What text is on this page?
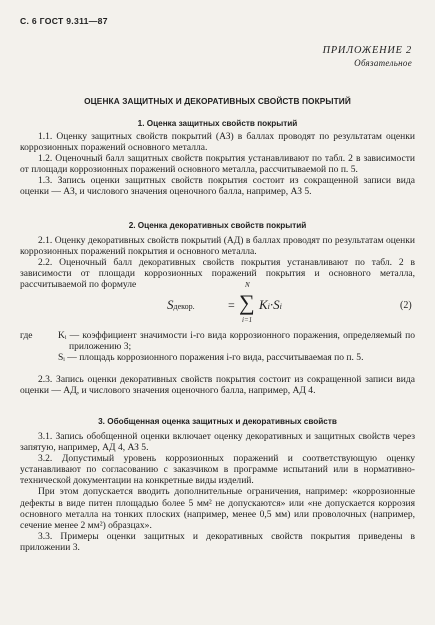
С. 6 ГОСТ 9.311—87
ПРИЛОЖЕНИЕ 2
Обязательное
ОЦЕНКА ЗАЩИТНЫХ И ДЕКОРАТИВНЫХ СВОЙСТВ ПОКРЫТИЙ
1. Оценка защитных свойств покрытий
1.1. Оценку защитных свойств покрытий (АЗ) в баллах проводят по результатам оценки коррозионных поражений основного металла.
1.2. Оценочный балл защитных свойств покрытия устанавливают по табл. 2 в зависимости от площади коррозионных поражений основного металла, рассчитываемой по п. 5.
1.3. Запись оценки защитных свойств покрытия состоит из сокращенной записи вида оценки — АЗ, и числового значения оценочного балла, например, АЗ 5.
2. Оценка декоративных свойств покрытий
2.1. Оценку декоративных свойств покрытий (АД) в баллах проводят по результатам оценки коррозионных поражений покрытия и основного металла.
2.2. Оценочный балл декоративных свойств покрытия устанавливают по табл. 2 в зависимости от площади коррозионных поражений покрытия и основного металла, рассчитываемой по формуле
Sдекор.	=
N
∑
i=1
Ki·Si	(2)
где	Kᵢ — коэффициент значимости i-го вида коррозионного поражения, определяемый по приложению 3;
Sᵢ — площадь коррозионного поражения i-го вида, рассчитываемая по п. 5.
2.3. Запись оценки декоративных свойств покрытия состоит из сокращенной записи вида оценки — АД, и числового значения оценочного балла, например, АД 4.
3. Обобщенная оценка защитных и декоративных свойств
3.1. Запись обобщенной оценки включает оценку декоративных и защитных свойств через запятую, например, АД 4, АЗ 5.
3.2. Допустимый уровень коррозионных поражений и соответствующую оценку устанавливают по согласованию с заказчиком в программе испытаний или в нормативно-технической документации на конкретные виды изделий.
При этом допускается вводить дополнительные ограничения, например: «коррозионные дефекты в виде питен площадью более 5 мм² не допускаются» или «не допускается коррозия основного металла на тонких плоских (например, менее 0,5 мм) или проволочных (например, сечение менее 2 мм²) образцах».
3.3. Примеры оценки защитных и декоративных свойств покрытия приведены в приложении 3.
